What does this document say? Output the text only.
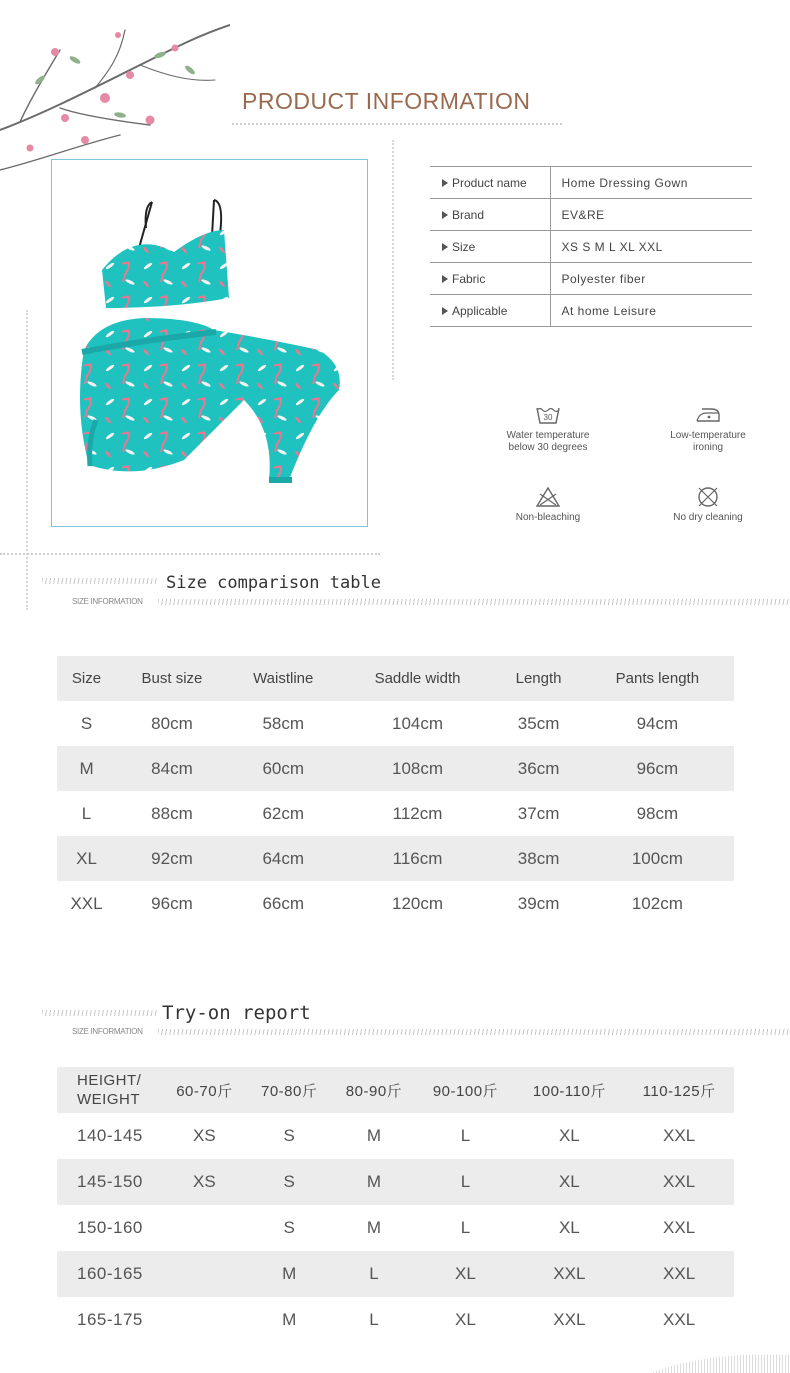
PRODUCT INFORMATION
Product name	Home Dressing Gown
Brand	EV&RE
Size	XS S M L XL XXL
Fabric	Polyester fiber
Applicable	At home Leisure
30
Water temperature
below 30 degrees
Low-temperature
ironing
Non-bleaching	No dry cleaning
Size comparison table
SIZE INFORMATION
Size	Bust size	Waistline	Saddle width	Length	Pants length
S	80cm	58cm	104cm	35cm	94cm
M	84cm	60cm	108cm	36cm	96cm
L	88cm	62cm	112cm	37cm	98cm
XL	92cm	64cm	116cm	38cm	100cm
XXL	96cm	66cm	120cm	39cm	102cm
Try-on report
SIZE INFORMATION
HEIGHT/
WEIGHT	60-70斤	70-80斤	80-90斤	90-100斤	100-110斤	110-125斤
140-145	XS	S	M	L	XL	XXL
145-150	XS	S	M	L	XL	XXL
150-160		S	M	L	XL	XXL
160-165		M	L	XL	XXL	XXL
165-175		M	L	XL	XXL	XXL
